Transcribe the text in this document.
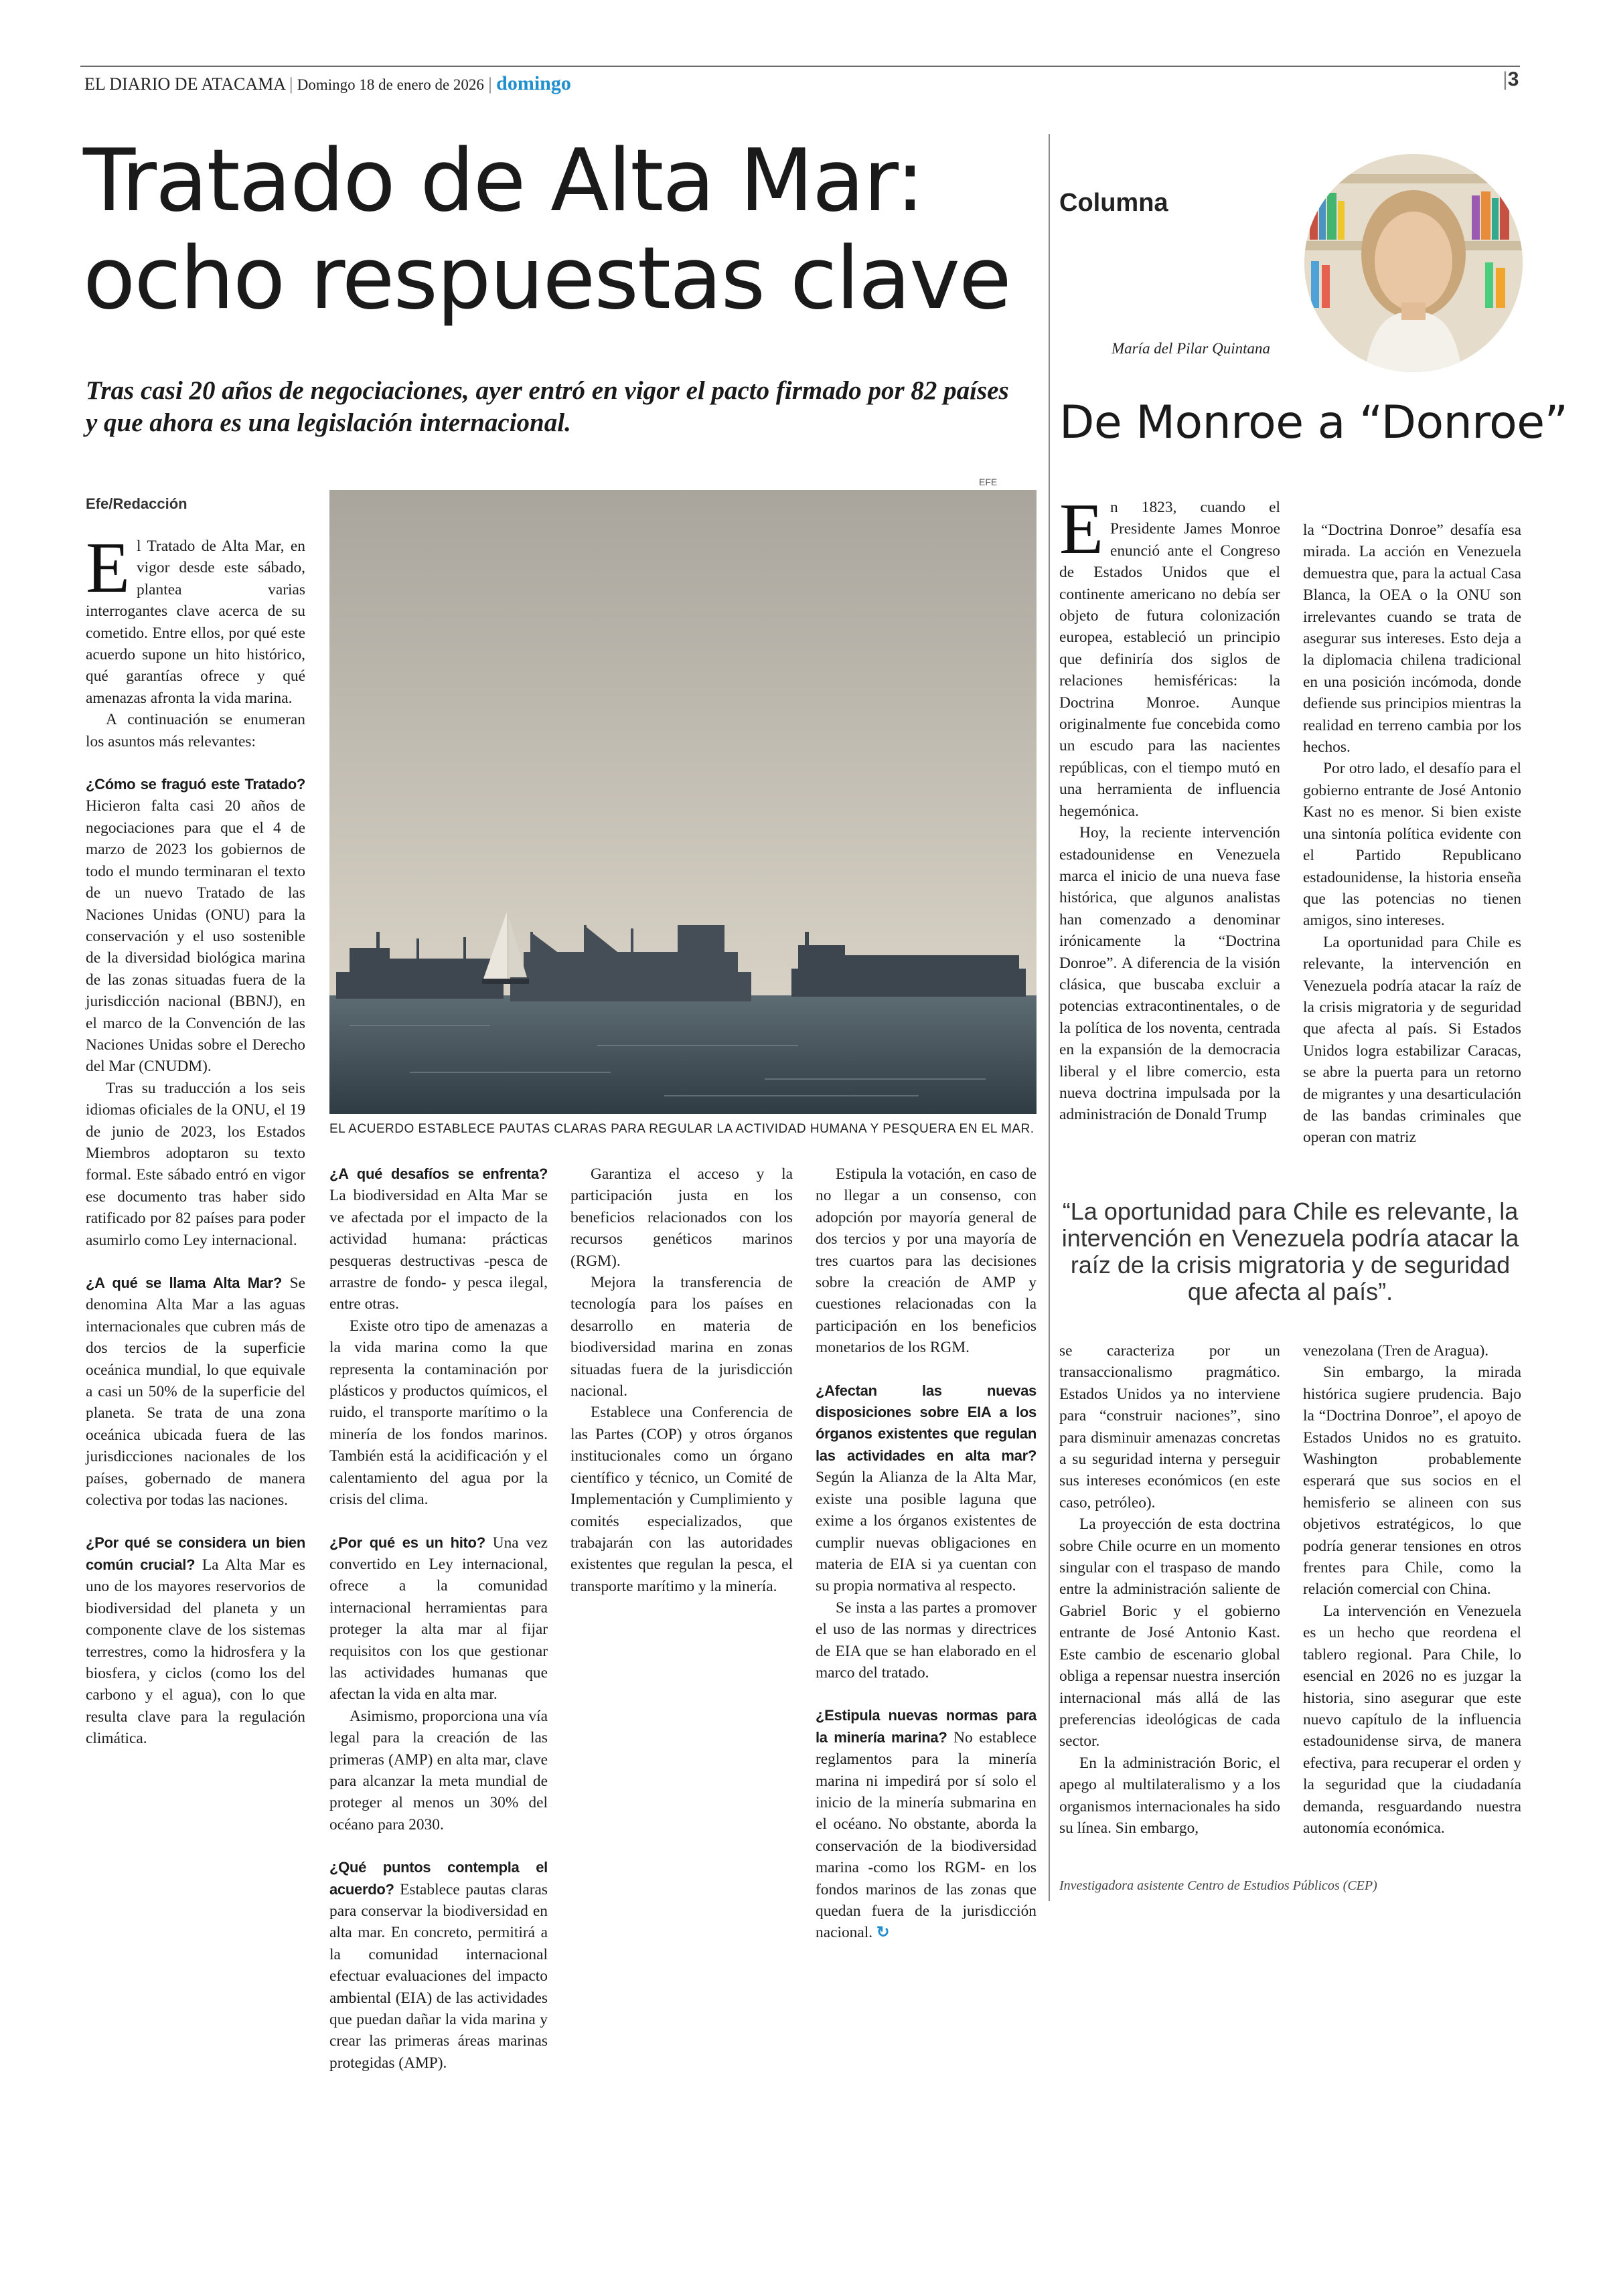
EL DIARIO DE ATACAMA | Domingo 18 de enero de 2026 | domingo	|3
Tratado de Alta Mar:
ocho respuestas clave
Tras casi 20 años de negociaciones, ayer entró en vigor el pacto firmado por 82 países y que ahora es una legislación internacional.
Efe/Redacción
EFE
EL ACUERDO ESTABLECE PAUTAS CLARAS PARA REGULAR LA ACTIVIDAD HUMANA Y PESQUERA EN EL MAR.

El Tratado de Alta Mar, en vigor desde este sábado, plantea varias interrogantes clave acerca de su cometido. Entre ellos, por qué este acuerdo supone un hito histórico, qué garantías ofrece y qué amenazas afronta la vida marina.

A continuación se enumeran los asuntos más relevantes:

¿Cómo se fraguó este Tratado? Hicieron falta casi 20 años de negociaciones para que el 4 de marzo de 2023 los gobiernos de todo el mundo terminaran el texto de un nuevo Tratado de las Naciones Unidas (ONU) para la conservación y el uso sostenible de la diversidad biológica marina de las zonas situadas fuera de la jurisdicción nacional (BBNJ), en el marco de la Convención de las Naciones Unidas sobre el Derecho del Mar (CNUDM).

Tras su traducción a los seis idiomas oficiales de la ONU, el 19 de junio de 2023, los Estados Miembros adoptaron su texto formal. Este sábado entró en vigor ese documento tras haber sido ratificado por 82 países para poder asumirlo como Ley internacional.

¿A qué se llama Alta Mar? Se denomina Alta Mar a las aguas internacionales que cubren más de dos tercios de la superficie oceánica mundial, lo que equivale a casi un 50% de la superficie del planeta. Se trata de una zona oceánica ubicada fuera de las jurisdicciones nacionales de los países, gobernado de manera colectiva por todas las naciones.

¿Por qué se considera un bien común crucial? La Alta Mar es uno de los mayores reservorios de biodiversidad del planeta y un componente clave de los sistemas terrestres, como la hidrosfera y la biosfera, y ciclos (como los del carbono y el agua), con lo que resulta clave para la regulación climática.

¿A qué desafíos se enfrenta? La biodiversidad en Alta Mar se ve afectada por el impacto de la actividad humana: prácticas pesqueras destructivas -pesca de arrastre de fondo- y pesca ilegal, entre otras.

Existe otro tipo de amenazas a la vida marina como la que representa la contaminación por plásticos y productos químicos, el ruido, el transporte marítimo o la minería de los fondos marinos. También está la acidificación y el calentamiento del agua por la crisis del clima.

¿Por qué es un hito? Una vez convertido en Ley internacional, ofrece a la comunidad internacional herramientas para proteger la alta mar al fijar requisitos con los que gestionar las actividades humanas que afectan la vida en alta mar.

Asimismo, proporciona una vía legal para la creación de las primeras (AMP) en alta mar, clave para alcanzar la meta mundial de proteger al menos un 30% del océano para 2030.

¿Qué puntos contempla el acuerdo? Establece pautas claras para conservar la biodiversidad en alta mar. En concreto, permitirá a la comunidad internacional efectuar evaluaciones del impacto ambiental (EIA) de las actividades que puedan dañar la vida marina y crear las primeras áreas marinas protegidas (AMP).

Garantiza el acceso y la participación justa en los beneficios relacionados con los recursos genéticos marinos (RGM).

Mejora la transferencia de tecnología para los países en desarrollo en materia de biodiversidad marina en zonas situadas fuera de la jurisdicción nacional.

Establece una Conferencia de las Partes (COP) y otros órganos institucionales como un órgano científico y técnico, un Comité de Implementación y Cumplimiento y comités especializados, que trabajarán con las autoridades existentes que regulan la pesca, el transporte marítimo y la minería.

Estipula la votación, en caso de no llegar a un consenso, con adopción por mayoría general de dos tercios y por una mayoría de tres cuartos para las decisiones sobre la creación de AMP y cuestiones relacionadas con la participación en los beneficios monetarios de los RGM.

¿Afectan las nuevas disposiciones sobre EIA a los órganos existentes que regulan las actividades en alta mar? Según la Alianza de la Alta Mar, existe una posible laguna que exime a los órganos existentes de cumplir nuevas obligaciones en materia de EIA si ya cuentan con su propia normativa al respecto.

Se insta a las partes a promover el uso de las normas y directrices de EIA que se han elaborado en el marco del tratado.

¿Estipula nuevas normas para la minería marina? No establece reglamentos para la minería marina ni impedirá por sí solo el inicio de la minería submarina en el océano. No obstante, aborda la conservación de la biodiversidad marina -como los RGM- en los fondos marinos de las zonas que quedan fuera de la jurisdicción nacional. ↻

Columna
María del Pilar Quintana
De Monroe a “Donroe”

En 1823, cuando el Presidente James Monroe enunció ante el Congreso de Estados Unidos que el continente americano no debía ser objeto de futura colonización europea, estableció un principio que definiría dos siglos de relaciones hemisféricas: la Doctrina Monroe. Aunque originalmente fue concebida como un escudo para las nacientes repúblicas, con el tiempo mutó en una herramienta de influencia hegemónica.

Hoy, la reciente intervención estadounidense en Venezuela marca el inicio de una nueva fase histórica, que algunos analistas han comenzado a denominar irónicamente la “Doctrina Donroe”. A diferencia de la visión clásica, que buscaba excluir a potencias extracontinentales, o de la política de los noventa, centrada en la expansión de la democracia liberal y el libre comercio, esta nueva doctrina impulsada por la administración de Donald Trump

la “Doctrina Donroe” desafía esa mirada. La acción en Venezuela demuestra que, para la actual Casa Blanca, la OEA o la ONU son irrelevantes cuando se trata de asegurar sus intereses. Esto deja a la diplomacia chilena tradicional en una posición incómoda, donde defiende sus principios mientras la realidad en terreno cambia por los hechos.

Por otro lado, el desafío para el gobierno entrante de José Antonio Kast no es menor. Si bien existe una sintonía política evidente con el Partido Republicano estadounidense, la historia enseña que las potencias no tienen amigos, sino intereses.

La oportunidad para Chile es relevante, la intervención en Venezuela podría atacar la raíz de la crisis migratoria y de seguridad que afecta al país. Si Estados Unidos logra estabilizar Caracas, se abre la puerta para un retorno de migrantes y una desarticulación de las bandas criminales que operan con matriz

“La oportunidad para Chile es relevante, la intervención en Venezuela podría atacar la raíz de la crisis migratoria y de seguridad que afecta al país”.

se caracteriza por un transaccionalismo pragmático. Estados Unidos ya no interviene para “construir naciones”, sino para disminuir amenazas concretas a su seguridad interna y perseguir sus intereses económicos (en este caso, petróleo).

La proyección de esta doctrina sobre Chile ocurre en un momento singular con el traspaso de mando entre la administración saliente de Gabriel Boric y el gobierno entrante de José Antonio Kast. Este cambio de escenario global obliga a repensar nuestra inserción internacional más allá de las preferencias ideológicas de cada sector.

En la administración Boric, el apego al multilateralismo y a los organismos internacionales ha sido su línea. Sin embargo,

venezolana (Tren de Aragua).

Sin embargo, la mirada histórica sugiere prudencia. Bajo la “Doctrina Donroe”, el apoyo de Estados Unidos no es gratuito. Washington probablemente esperará que sus socios en el hemisferio se alineen con sus objetivos estratégicos, lo que podría generar tensiones en otros frentes para Chile, como la relación comercial con China.

La intervención en Venezuela es un hecho que reordena el tablero regional. Para Chile, lo esencial en 2026 no es juzgar la historia, sino asegurar que este nuevo capítulo de la influencia estadounidense sirva, de manera efectiva, para recuperar el orden y la seguridad que la ciudadanía demanda, resguardando nuestra autonomía económica.

Investigadora asistente Centro de Estudios Públicos (CEP)
